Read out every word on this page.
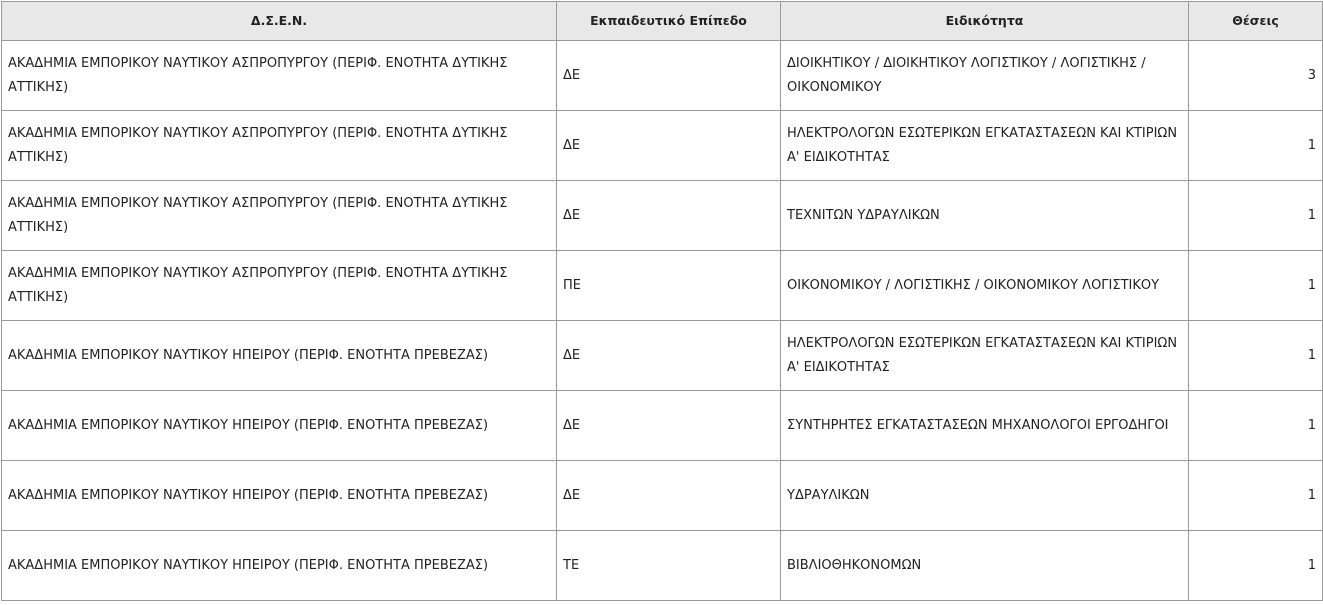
Δ.Σ.Ε.Ν.	Εκπαιδευτικό Επίπεδο	Ειδικότητα	Θέσεις
ΑΚΑΔΗΜΙΑ ΕΜΠΟΡΙΚΟΥ ΝΑΥΤΙΚΟΥ ΑΣΠΡΟΠΥΡΓΟΥ (ΠΕΡΙΦ. ΕΝΟΤΗΤΑ ΔΥΤΙΚΗΣ ΑΤΤΙΚΗΣ)	ΔΕ	ΔΙΟΙΚΗΤΙΚΟΥ / ΔΙΟΙΚΗΤΙΚΟΥ ΛΟΓΙΣΤΙΚΟΥ / ΛΟΓΙΣΤΙΚΗΣ / ΟΙΚΟΝΟΜΙΚΟΥ	3
ΑΚΑΔΗΜΙΑ ΕΜΠΟΡΙΚΟΥ ΝΑΥΤΙΚΟΥ ΑΣΠΡΟΠΥΡΓΟΥ (ΠΕΡΙΦ. ΕΝΟΤΗΤΑ ΔΥΤΙΚΗΣ ΑΤΤΙΚΗΣ)	ΔΕ	ΗΛΕΚΤΡΟΛΟΓΩΝ ΕΣΩΤΕΡΙΚΩΝ ΕΓΚΑΤΑΣΤΑΣΕΩΝ ΚΑΙ ΚΤΙΡΙΩΝ Α' ΕΙΔΙΚΟΤΗΤΑΣ	1
ΑΚΑΔΗΜΙΑ ΕΜΠΟΡΙΚΟΥ ΝΑΥΤΙΚΟΥ ΑΣΠΡΟΠΥΡΓΟΥ (ΠΕΡΙΦ. ΕΝΟΤΗΤΑ ΔΥΤΙΚΗΣ ΑΤΤΙΚΗΣ)	ΔΕ	ΤΕΧΝΙΤΩΝ ΥΔΡΑΥΛΙΚΩΝ	1
ΑΚΑΔΗΜΙΑ ΕΜΠΟΡΙΚΟΥ ΝΑΥΤΙΚΟΥ ΑΣΠΡΟΠΥΡΓΟΥ (ΠΕΡΙΦ. ΕΝΟΤΗΤΑ ΔΥΤΙΚΗΣ ΑΤΤΙΚΗΣ)	ΠΕ	ΟΙΚΟΝΟΜΙΚΟΥ / ΛΟΓΙΣΤΙΚΗΣ / ΟΙΚΟΝΟΜΙΚΟΥ ΛΟΓΙΣΤΙΚΟΥ	1
ΑΚΑΔΗΜΙΑ ΕΜΠΟΡΙΚΟΥ ΝΑΥΤΙΚΟΥ ΗΠΕΙΡΟΥ (ΠΕΡΙΦ. ΕΝΟΤΗΤΑ ΠΡΕΒΕΖΑΣ)	ΔΕ	ΗΛΕΚΤΡΟΛΟΓΩΝ ΕΣΩΤΕΡΙΚΩΝ ΕΓΚΑΤΑΣΤΑΣΕΩΝ ΚΑΙ ΚΤΙΡΙΩΝ Α' ΕΙΔΙΚΟΤΗΤΑΣ	1
ΑΚΑΔΗΜΙΑ ΕΜΠΟΡΙΚΟΥ ΝΑΥΤΙΚΟΥ ΗΠΕΙΡΟΥ (ΠΕΡΙΦ. ΕΝΟΤΗΤΑ ΠΡΕΒΕΖΑΣ)	ΔΕ	ΣΥΝΤΗΡΗΤΕΣ ΕΓΚΑΤΑΣΤΑΣΕΩΝ ΜΗΧΑΝΟΛΟΓΟΙ ΕΡΓΟΔΗΓΟΙ	1
ΑΚΑΔΗΜΙΑ ΕΜΠΟΡΙΚΟΥ ΝΑΥΤΙΚΟΥ ΗΠΕΙΡΟΥ (ΠΕΡΙΦ. ΕΝΟΤΗΤΑ ΠΡΕΒΕΖΑΣ)	ΔΕ	ΥΔΡΑΥΛΙΚΩΝ	1
ΑΚΑΔΗΜΙΑ ΕΜΠΟΡΙΚΟΥ ΝΑΥΤΙΚΟΥ ΗΠΕΙΡΟΥ (ΠΕΡΙΦ. ΕΝΟΤΗΤΑ ΠΡΕΒΕΖΑΣ)	ΤΕ	ΒΙΒΛΙΟΘΗΚΟΝΟΜΩΝ	1
